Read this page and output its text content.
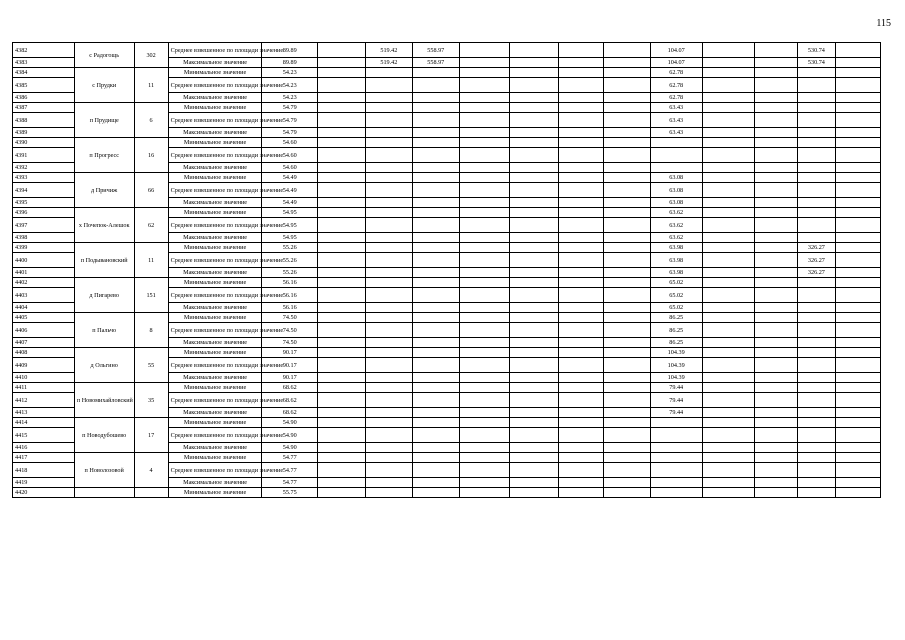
115
4382	с Радогощь	302	Среднее взвешенное по площади значение	89.89		519.42	558.97					104.07			530.74	
4383			Максимальное значение	89.89		519.42	558.97					104.07			530.74	
4384	с Прудки	11	Минимальное значение	54.23								62.78				
4385			Среднее взвешенное по площади значение	54.23								62.78				
4386			Максимальное значение	54.23								62.78				
4387	п Прудище	6	Минимальное значение	54.79								63.43				
4388			Среднее взвешенное по площади значение	54.79								63.43				
4389			Максимальное значение	54.79								63.43				
4390	п Прогресс	16	Минимальное значение	54.60												
4391			Среднее взвешенное по площади значение	54.60												
4392			Максимальное значение	54.60												
4393	д Причиж	66	Минимальное значение	54.49								63.08				
4394			Среднее взвешенное по площади значение	54.49								63.08				
4395			Максимальное значение	54.49								63.08				
4396	х Почепок-Алешок	62	Минимальное значение	54.95								63.62				
4397			Среднее взвешенное по площади значение	54.95								63.62				
4398			Максимальное значение	54.95								63.62				
4399	п Подывановский	11	Минимальное значение	55.26								63.98			326.27	
4400			Среднее взвешенное по площади значение	55.26								63.98			326.27	
4401			Максимальное значение	55.26								63.98			326.27	
4402	д Пигарево	151	Минимальное значение	56.16								65.02				
4403			Среднее взвешенное по площади значение	56.16								65.02				
4404			Максимальное значение	56.16								65.02				
4405	п Пальчо	8	Минимальное значение	74.50								86.25				
4406			Среднее взвешенное по площади значение	74.50								86.25				
4407			Максимальное значение	74.50								86.25				
4408	д Ольгино	55	Минимальное значение	90.17								104.39				
4409			Среднее взвешенное по площади значение	90.17								104.39				
4410			Максимальное значение	90.17								104.39				
4411	п Новомихайловский	35	Минимальное значение	68.62								79.44				
4412			Среднее взвешенное по площади значение	68.62								79.44				
4413			Максимальное значение	68.62								79.44				
4414	п Новодубошево	17	Минимальное значение	54.90												
4415			Среднее взвешенное по площади значение	54.90												
4416			Максимальное значение	54.90												
4417	п Новолозовой	4	Минимальное значение	54.77												
4418			Среднее взвешенное по площади значение	54.77												
4419			Максимальное значение	54.77												
4420			Минимальное значение	55.75												
